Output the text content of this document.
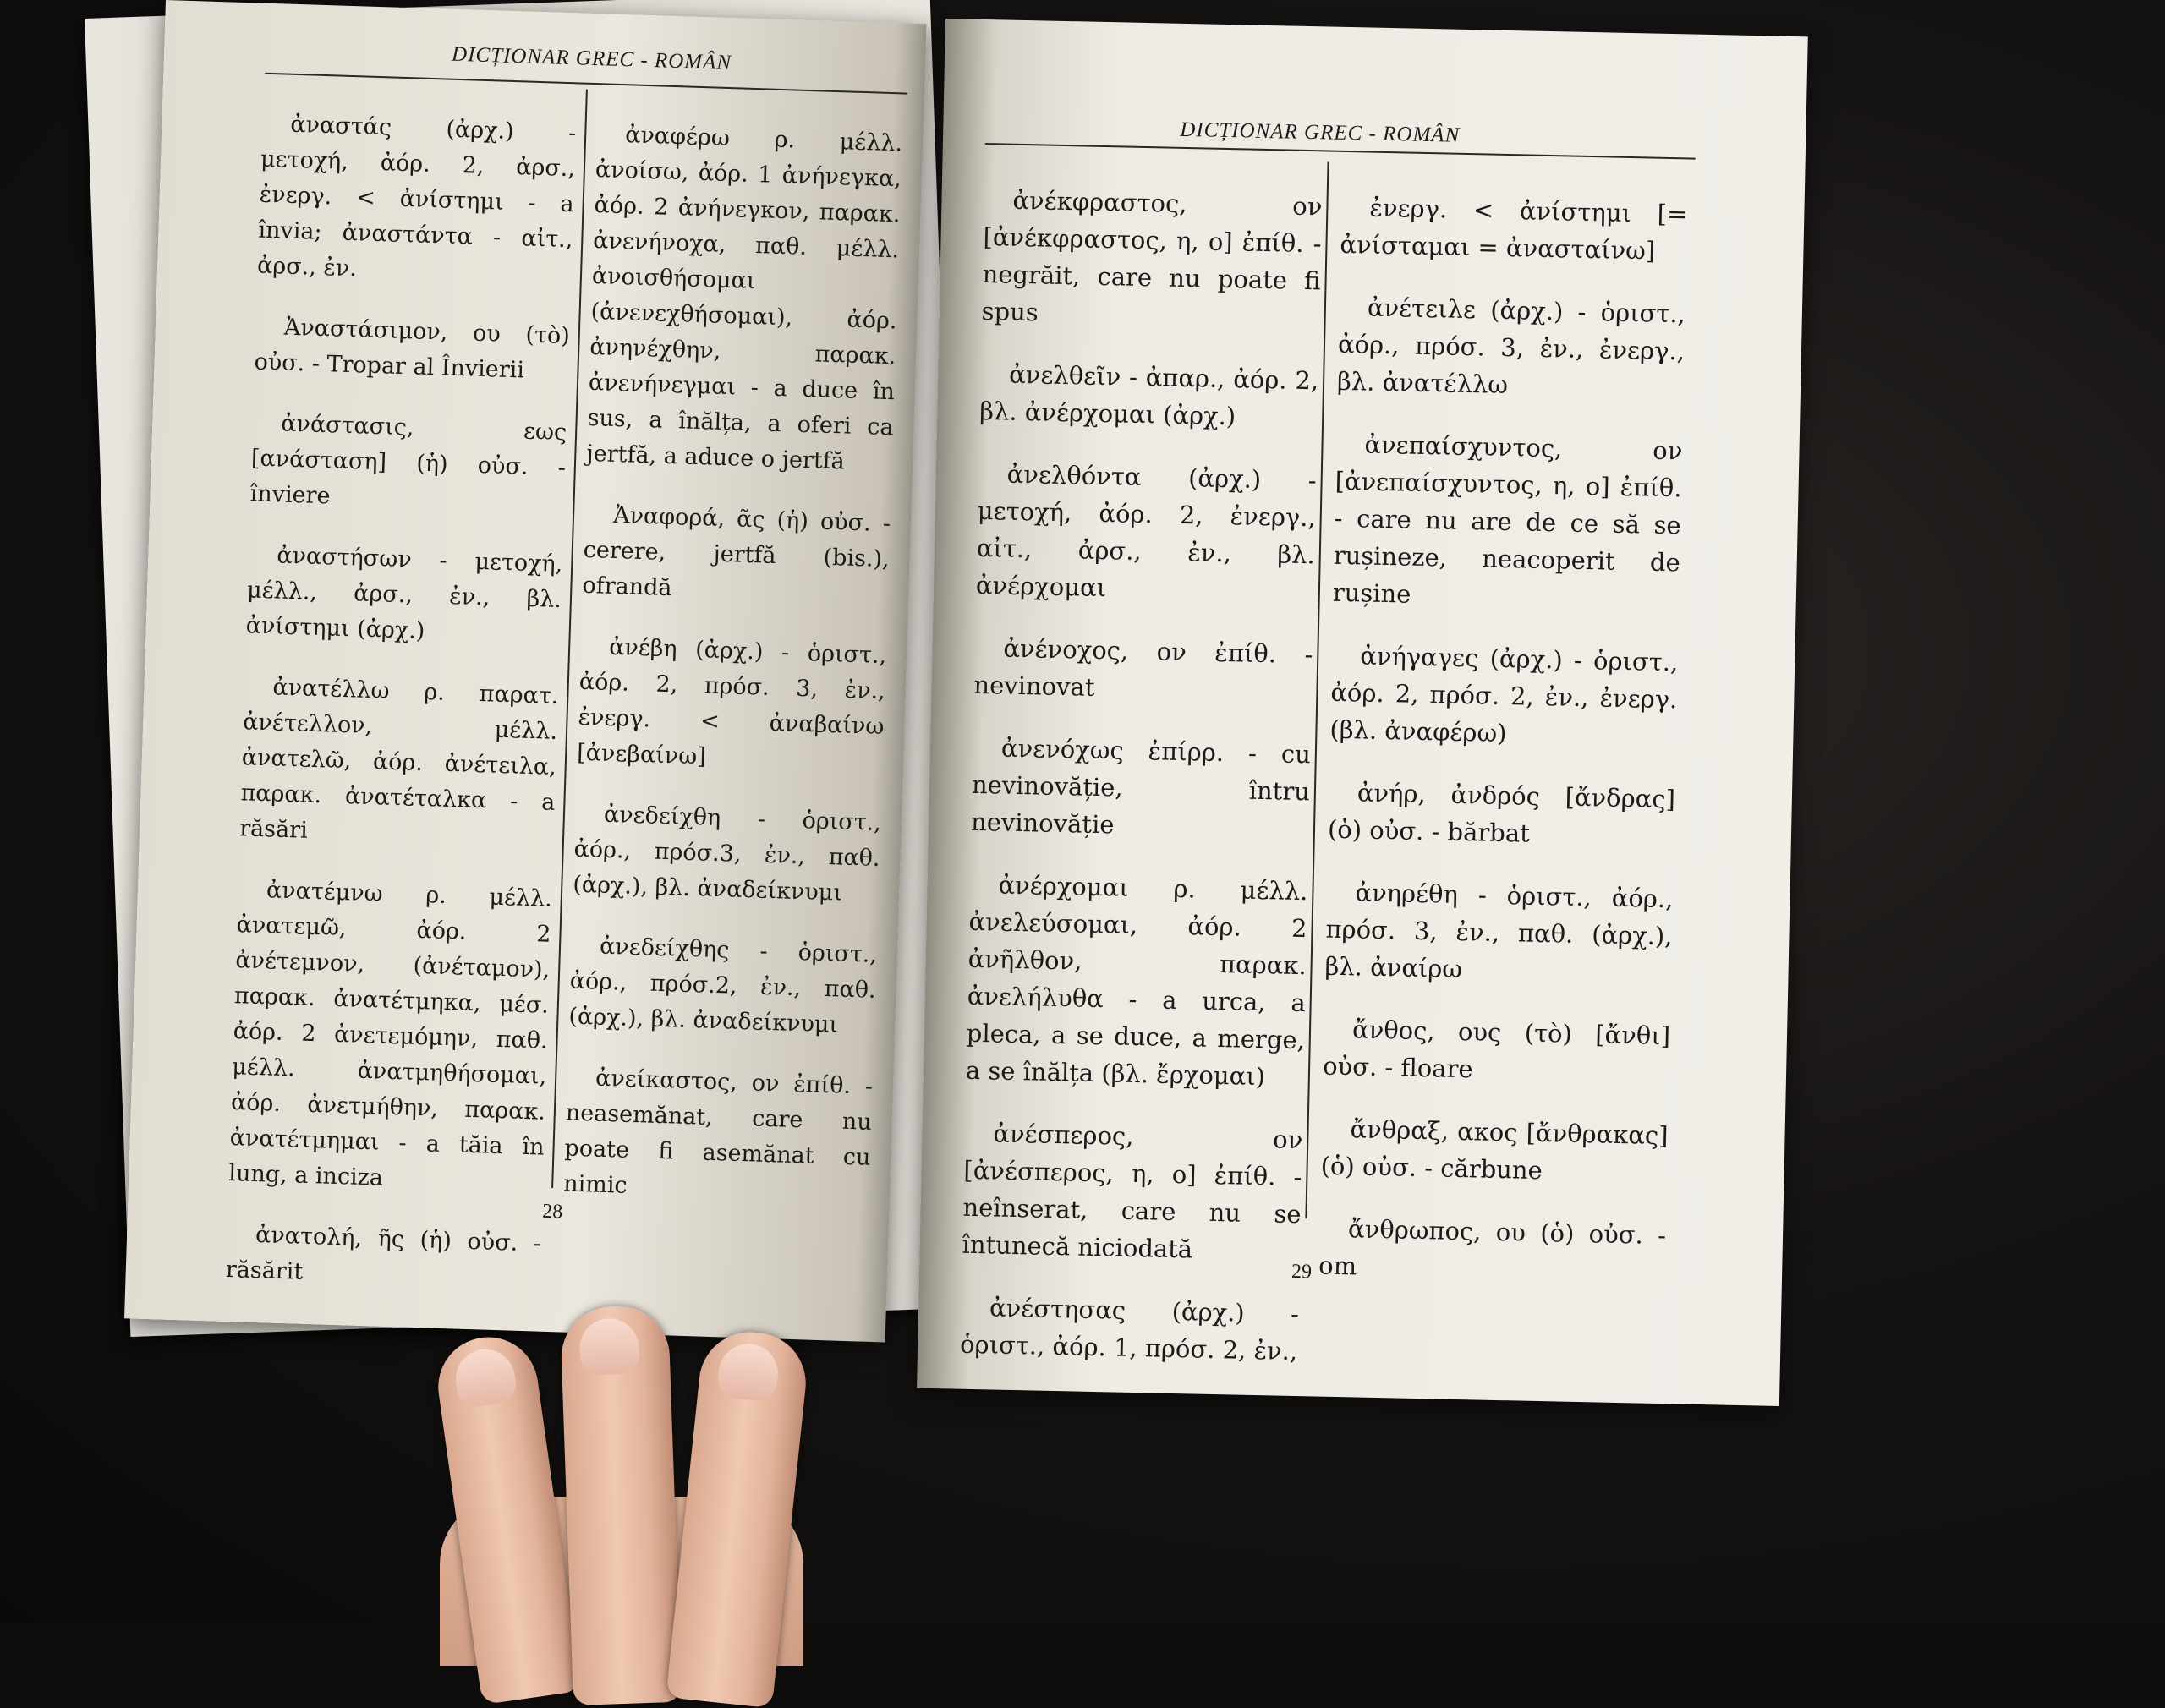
DICȚIONAR GREC - ROMÂN

ἀναστάς (ἀρχ.) - μετοχή, ἀόρ. 2, ἀρσ., ἐνεργ. < ἀνίστημι - a învia; ἀναστάντα - αἰτ., ἀρσ., ἐν.

Ἀναστάσιμον, ου (τὸ) οὐσ. - Tropar al Învierii

ἀνάστασις, εως [ανάσταση] (ἡ) οὐσ. - înviere

ἀναστήσων - μετοχή, μέλλ., ἀρσ., ἐν., βλ. ἀνίστημι (ἀρχ.)

ἀνατέλλω ρ. παρατ. ἀνέτελλον, μέλλ. ἀνατελῶ, ἀόρ. ἀνέτειλα, παρακ. ἀνατέταλκα - a răsări

ἀνατέμνω ρ. μέλλ. ἀνατεμῶ, ἀόρ. 2 ἀνέτεμνον, (ἀνέταμον), παρακ. ἀνατέτμηκα, μέσ. ἀόρ. 2 ἀνετεμόμην, παθ. μέλλ. ἀνατμηθήσομαι, ἀόρ. ἀνετμήθην, παρακ. ἀνατέτμημαι - a tăia în lung, a inciza

ἀνατολή, ῆς (ἡ) οὐσ. - răsărit

ἀναφέρω ρ. μέλλ. ἀνοίσω, ἀόρ. 1 ἀνήνεγκα, ἀόρ. 2 ἀνήνεγκον, παρακ. ἀνενήνοχα, παθ. μέλλ. ἀνοισθήσομαι (ἀνενεχθήσομαι), ἀόρ. ἀνηνέχθην, παρακ. ἀνενήνεγμαι - a duce în sus, a înălța, a oferi ca jertfă, a aduce o jertfă

Ἀναφορά, ᾶς (ἡ) οὐσ. - cerere, jertfă (bis.), ofrandă

ἀνέβη (ἀρχ.) - ὁριστ., ἀόρ. 2, πρόσ. 3, ἐν., ἐνεργ. < ἀναβαίνω [ἀνεβαίνω]

ἀνεδείχθη - ὁριστ., ἀόρ., πρόσ.3, ἐν., παθ. (ἀρχ.), βλ. ἀναδείκνυμι

ἀνεδείχθης - ὁριστ., ἀόρ., πρόσ.2, ἐν., παθ. (ἀρχ.), βλ. ἀναδείκνυμι

ἀνείκαστος, ον ἐπίθ. - neasemănat, care nu poate fi asemănat cu nimic

28
DICȚIONAR GREC - ROMÂN

ἀνέκφραστος, ον [ἀνέκφραστος, η, ο] ἐπίθ. - negrăit, care nu poate fi spus

ἀνελθεῖν - ἀπαρ., ἀόρ. 2, βλ. ἀνέρχομαι (ἀρχ.)

ἀνελθόντα (ἀρχ.) - μετοχή, ἀόρ. 2, ἐνεργ., αἰτ., ἀρσ., ἐν., βλ. ἀνέρχομαι

ἀνένοχος, ον ἐπίθ. - nevinovat

ἀνενόχως ἐπίρρ. - cu nevinovăție, întru nevinovăție

ἀνέρχομαι ρ. μέλλ. ἀνελεύσομαι, ἀόρ. 2 ἀνῆλθον, παρακ. ἀνελήλυθα - a urca, a pleca, a se duce, a merge, a se înălța (βλ. ἔρχομαι)

ἀνέσπερος, ον [ἀνέσπερος, η, ο] ἐπίθ. - neînserat, care nu se întunecă niciodată

ἀνέστησας (ἀρχ.) - ὁριστ., ἀόρ. 1, πρόσ. 2, ἐν.,

ἐνεργ. < ἀνίστημι [= ἀνίσταμαι = ἀνασταίνω]

ἀνέτειλε (ἀρχ.) - ὁριστ., ἀόρ., πρόσ. 3, ἐν., ἐνεργ., βλ. ἀνατέλλω

ἀνεπαίσχυντος, ον [ἀνεπαίσχυντος, η, ο] ἐπίθ. - care nu are de ce să se rușineze, neacoperit de rușine

ἀνήγαγες (ἀρχ.) - ὁριστ., ἀόρ. 2, πρόσ. 2, ἐν., ἐνεργ. (βλ. ἀναφέρω)

ἀνήρ, ἀνδρός [ἄνδρας] (ὁ) οὐσ. - bărbat

ἀνηρέθη - ὁριστ., ἀόρ., πρόσ. 3, ἐν., παθ. (ἀρχ.), βλ. ἀναίρω

ἄνθος, ους (τὸ) [ἄνθι] οὐσ. - floare

ἄνθραξ, ακος [ἄνθρακας] (ὁ) οὐσ. - cărbune

ἄνθρωπος, ου (ὁ) οὐσ. - om

29
